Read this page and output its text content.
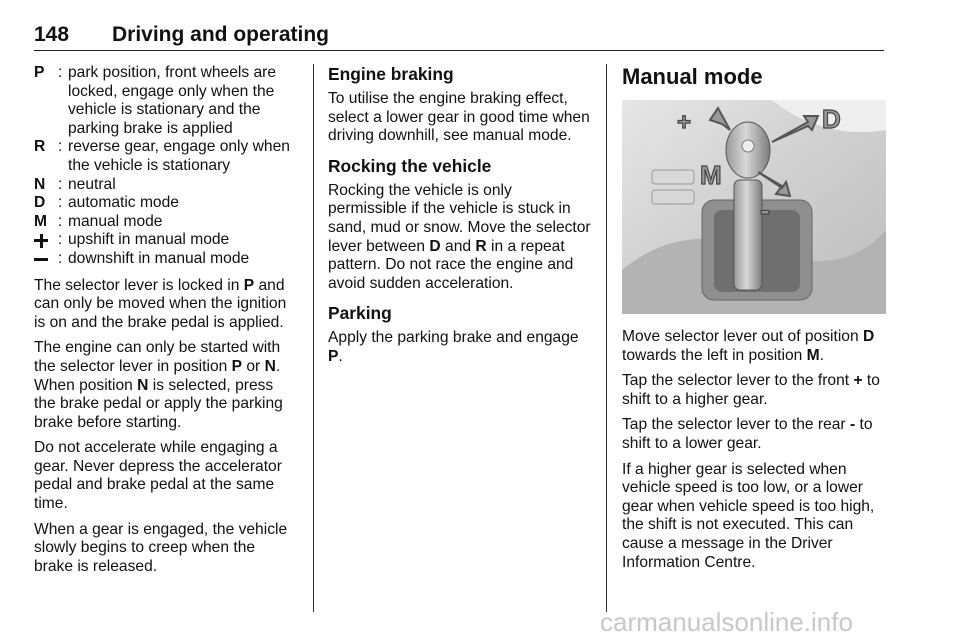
148	Driving and operating
P : park position, front wheels are locked, engage only when the vehicle is stationary and the parking brake is applied
R : reverse gear, engage only when the vehicle is stationary
N : neutral
D : automatic mode
M : manual mode
: upshift in manual mode
: downshift in manual mode

The selector lever is locked in P and can only be moved when the ignition is on and the brake pedal is applied.

The engine can only be started with the selector lever in position P or N. When position N is selected, press the brake pedal or apply the parking brake before starting.

Do not accelerate while engaging a gear. Never depress the accelerator pedal and brake pedal at the same time.

When a gear is engaged, the vehicle slowly begins to creep when the brake is released.

Engine braking

To utilise the engine braking effect, select a lower gear in good time when driving downhill, see manual mode.

Rocking the vehicle

Rocking the vehicle is only permissible if the vehicle is stuck in sand, mud or snow. Move the selector lever between D and R in a repeat pattern. Do not race the engine and avoid sudden acceleration.

Parking

Apply the parking brake and engage P.

Manual mode
+	D
M
-

Move selector lever out of position D towards the left in position M.

Tap the selector lever to the front + to shift to a higher gear.

Tap the selector lever to the rear - to shift to a lower gear.

If a higher gear is selected when vehicle speed is too low, or a lower gear when vehicle speed is too high, the shift is not executed. This can cause a message in the Driver Information Centre.

carmanualsonline.info
